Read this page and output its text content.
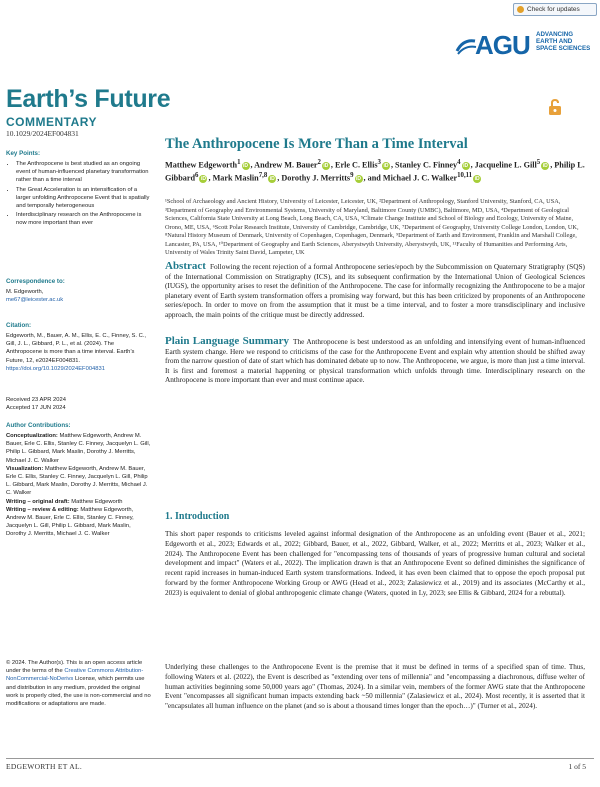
Check for updates
AGU ADVANCING
EARTH AND
SPACE SCIENCES
Earth’s Future
COMMENTARY
10.1029/2024EF004831
Key Points:
• The Anthropocene is best studied as an ongoing event of human-influenced planetary transformation rather than a time interval
• The Great Acceleration is an intensification of a larger unfolding Anthropocene Event that is spatially and temporally heterogeneous
• Interdisciplinary research on the Anthropocene is now more important than ever
Correspondence to:
M. Edgeworth,
me67@leicester.ac.uk
Citation:
Edgeworth, M., Bauer, A. M., Ellis, E. C., Finney, S. C., Gill, J. L., Gibbard, P. L., et al. (2024). The Anthropocene is more than a time interval. Earth’s Future, 12, e2024EF004831. https://doi.org/10.1029/2024EF004831
Received 23 APR 2024
Accepted 17 JUN 2024
Author Contributions:
Conceptualization: Matthew Edgeworth, Andrew M. Bauer, Erle C. Ellis, Stanley C. Finney, Jacquelyn L. Gill, Philip L. Gibbard, Mark Maslin, Dorothy J. Merritts, Michael J. C. Walker
Visualization: Matthew Edgeworth, Andrew M. Bauer, Erle C. Ellis, Stanley C. Finney, Jacquelyn L. Gill, Philip L. Gibbard, Mark Maslin, Dorothy J. Merritts, Michael J. C. Walker
Writing – original draft: Matthew Edgeworth
Writing – review & editing: Matthew Edgeworth, Andrew M. Bauer, Erle C. Ellis, Stanley C. Finney, Jacquelyn L. Gill, Philip L. Gibbard, Mark Maslin, Dorothy J. Merritts, Michael J. C. Walker
© 2024. The Author(s). This is an open access article under the terms of the Creative Commons Attribution-NonCommercial-NoDerivs License, which permits use and distribution in any medium, provided the original work is properly cited, the use is non-commercial and no modifications or adaptations are made.
The Anthropocene Is More Than a Time Interval
Matthew Edgeworth$^1$ iD , Andrew M. Bauer$^2$ iD , Erle C. Ellis$^3$ iD , Stanley C. Finney$^4$ iD , Jacqueline L. Gill$^5$ iD , Philip L. Gibbard$^6$ iD , Mark Maslin$^{7,8}$ iD , Dorothy J. Merritts$^9$ iD , and Michael J. C. Walker$^{10,11}$ iD
¹School of Archaeology and Ancient History, University of Leicester, Leicester, UK, ²Department of Anthropology, Stanford University, Stanford, CA, USA, ³Department of Geography and Environmental Systems, University of Maryland, Baltimore County (UMBC), Baltimore, MD, USA, ⁴Department of Geological Sciences, California State University at Long Beach, Long Beach, CA, USA, ⁵Climate Change Institute and School of Biology and Ecology, University of Maine, Orono, ME, USA, ⁶Scott Polar Research Institute, University of Cambridge, Cambridge, UK, ⁷Department of Geography, University College London, London, UK, ⁸Natural History Museum of Denmark, University of Copenhagen, Copenhagen, Denmark, ⁹Department of Earth and Environment, Franklin and Marshall College, Lancaster, PA, USA, ¹⁰Department of Geography and Earth Sciences, Aberystwyth University, Aberystwyth, UK, ¹¹Faculty of Humanities and Performing Arts, University of Wales Trinity Saint David, Lampeter, UK
Abstract Following the recent rejection of a formal Anthropocene series/epoch by the Subcommission on Quaternary Stratigraphy (SQS) of the International Commission on Stratigraphy (ICS), and its subsequent confirmation by the International Union of Geological Sciences (IUGS), the opportunity arises to reset the definition of the Anthropocene. The case for informally recognizing the Anthropocene to be a major planetary event of Earth system transformation offers a promising way forward, but this has been criticized by proponents of an Anthropocene series/epoch. In order to move on from the assumption that it must be a time interval, and to foster a more transdisciplinary and inclusive approach, the main points of the critique must be directly addressed.
Plain Language Summary The Anthropocene is best understood as an unfolding and intensifying event of human-influenced Earth system change. Here we respond to criticisms of the case for the Anthropocene Event and explain why attention should be shifted away from the narrow question of date of start which has dominated debate up to now. The Anthropocene, we argue, is more than just a time interval. It is first and foremost a material happening or physical transformation which unfolds through time. Interdisciplinary research on the Anthropocene is more important than ever and must continue apace.
1. Introduction
This short paper responds to criticisms leveled against informal designation of the Anthropocene as an unfolding event (Bauer et al., 2021; Edgeworth et al., 2023; Edwards et al., 2022; Gibbard, Bauer, et al., 2022, Gibbard, Walker, et al., 2022; Merritts et al., 2023; Walker et al., 2024). The Anthropocene Event has been challenged for "encompassing tens of thousands of years of progressive human cultural and societal development and impact" (Waters et al., 2022). The implication drawn is that an Anthropocene Event so defined diminishes the significance of recent rapid increases in human-induced Earth system transformations. Indeed, it has even been claimed that to oppose the epoch proposal put forward by the former Anthropocene Working Group or AWG (Head et al., 2023; Zalasiewicz et al., 2019) and its associates (McCarthy et al., 2023) is equivalent to denial of global anthropogenic climate change (Waters, quoted in Ly, 2023; see Ellis & Gibbard, 2024 for a rebuttal).
Underlying these challenges to the Anthropocene Event is the premise that it must be defined in terms of a specified span of time. Thus, following Waters et al. (2022), the Event is described as "extending over tens of millennia" and "encompassing a diachronous, diffuse welter of human activities beginning some 50,000 years ago" (Thomas, 2024). In a similar vein, members of the former AWG state that the Anthropocene Event "encompasses all significant human impacts extending back ~50 millennia" (Zalasiewicz et al., 2024). Most recently, it is asserted that it "encapsulates all human influence on the planet (and so is about a thousand times longer than the epoch…)" (Turner et al., 2024).
EDGEWORTH ET AL.	1 of 5
